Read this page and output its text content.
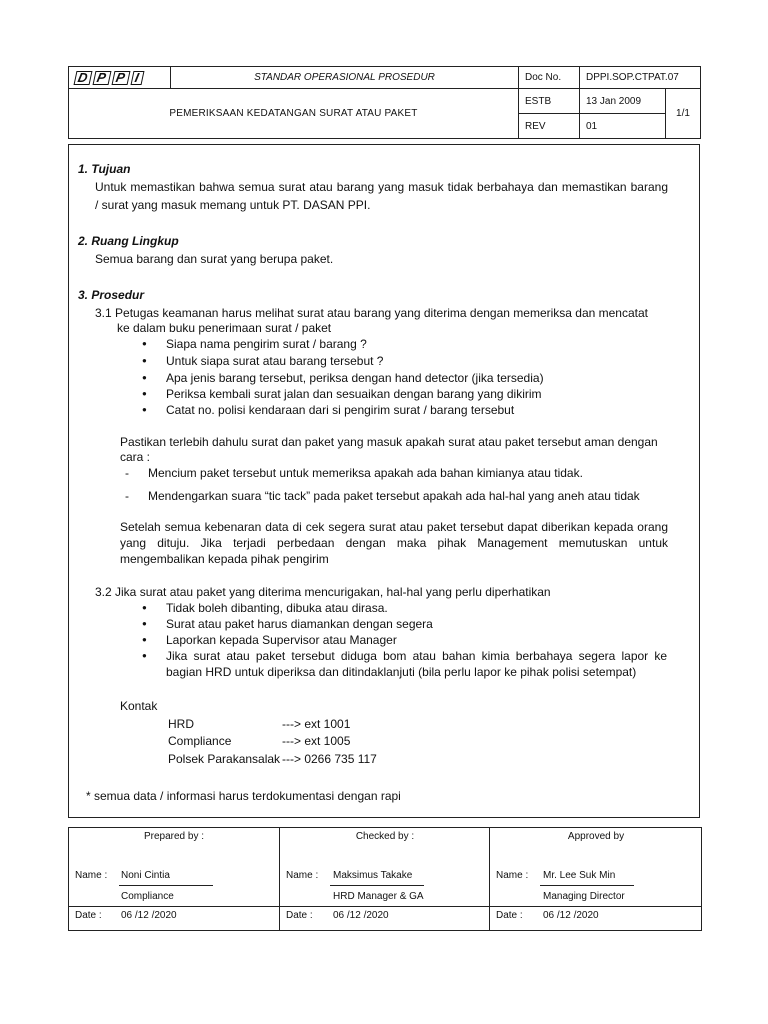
D P P I	STANDAR OPERASIONAL PROSEDUR	Doc No.	DPPI.SOP.CTPAT.07	
PEMERIKSAAN KEDATANGAN SURAT ATAU PAKET		ESTB	13 Jan 2009	1/1
		REV	01	
1. Tujuan
Untuk memastikan bahwa semua surat atau barang yang masuk tidak berbahaya dan memastikan barang
/ surat yang masuk memang untuk PT. DASAN PPI.
2. Ruang Lingkup
Semua barang dan surat yang berupa paket.
3. Prosedur
3.1 Petugas keamanan harus melihat surat atau barang yang diterima dengan memeriksa dan mencatat
ke dalam buku penerimaan surat / paket
● Siapa nama pengirim surat / barang ?
● Untuk siapa surat atau barang tersebut ?
● Apa jenis barang tersebut, periksa dengan hand detector (jika tersedia)
● Periksa kembali surat jalan dan sesuaikan dengan barang yang dikirim
● Catat no. polisi kendaraan dari si pengirim surat / barang tersebut
Pastikan terlebih dahulu surat dan paket yang masuk apakah surat atau paket tersebut aman dengan
cara :
- Mencium paket tersebut untuk memeriksa apakah ada bahan kimianya atau tidak.
- Mendengarkan suara “tic tack” pada paket tersebut apakah ada hal-hal yang aneh atau tidak
Setelah semua kebenaran data di cek segera surat atau paket tersebut dapat diberikan kepada orang
yang dituju. Jika terjadi perbedaan dengan maka pihak Management memutuskan untuk
mengembalikan kepada pihak pengirim
3.2 Jika surat atau paket yang diterima mencurigakan, hal-hal yang perlu diperhatikan
● Tidak boleh dibanting, dibuka atau dirasa.
● Surat atau paket harus diamankan dengan segera
● Laporkan kepada Supervisor atau Manager
● Jika surat atau paket tersebut diduga bom atau bahan kimia berbahaya segera lapor ke
bagian HRD untuk diperiksa dan ditindaklanjuti (bila perlu lapor ke pihak polisi setempat)
Kontak
HRD	---> ext 1001
Compliance	---> ext 1005
Polsek Parakansalak ---> 0266 735 117
* semua data / informasi harus terdokumentasi dengan rapi
Prepared by :
Name : Noni Cintia
Compliance
Date : 06 /12 /2020
Checked by :
Name : Maksimus Takake
HRD Manager & GA
Date : 06 /12 /2020
Approved by
Name : Mr. Lee Suk Min
Managing Director
Date : 06 /12 /2020
